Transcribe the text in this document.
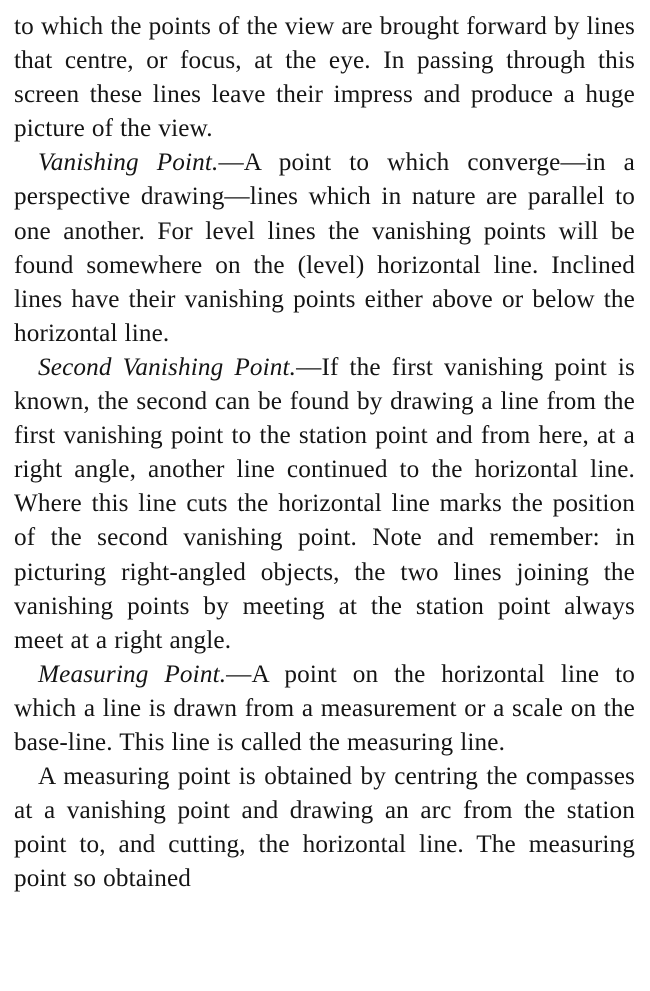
to which the points of the view are brought forward by lines that centre, or focus, at the eye. In passing through this screen these lines leave their impress and produce a huge picture of the view.

Vanishing Point.—A point to which converge—in a perspective drawing—lines which in nature are parallel to one another. For level lines the vanishing points will be found somewhere on the (level) horizontal line. Inclined lines have their vanishing points either above or below the horizontal line.

Second Vanishing Point.—If the first vanishing point is known, the second can be found by drawing a line from the first vanishing point to the station point and from here, at a right angle, another line continued to the horizontal line. Where this line cuts the horizontal line marks the position of the second vanishing point. Note and remember: in picturing right-angled objects, the two lines joining the vanishing points by meeting at the station point always meet at a right angle.

Measuring Point.—A point on the horizontal line to which a line is drawn from a measurement or a scale on the base-line. This line is called the measuring line.

A measuring point is obtained by centring the compasses at a vanishing point and drawing an arc from the station point to, and cutting, the horizontal line. The measuring point so obtained
